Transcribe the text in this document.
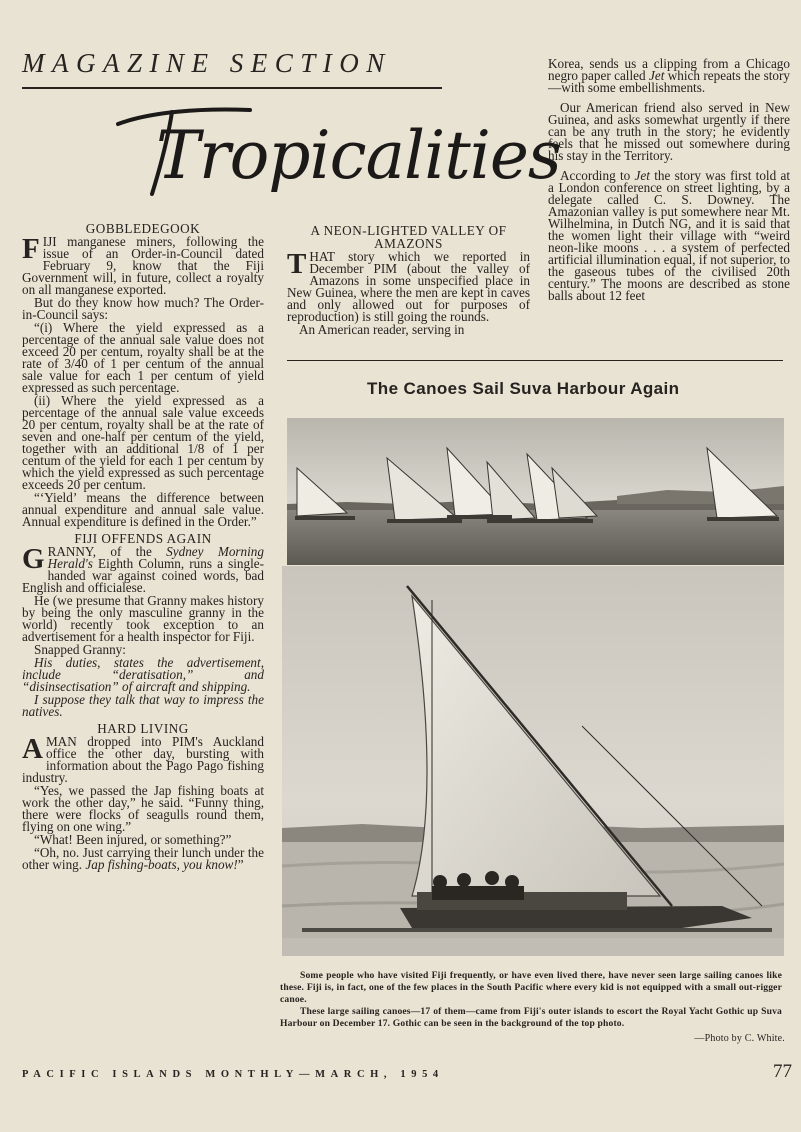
MAGAZINE SECTION
Tropicalities
GOBBLEDEGOOK

FIJI manganese miners, following the issue of an Order-in-Council dated February 9, know that the Fiji Government will, in future, collect a royalty on all manganese exported.

But do they know how much? The Order-in-Council says:

“(i) Where the yield expressed as a percentage of the annual sale value does not exceed 20 per centum, royalty shall be at the rate of 3/40 of 1 per centum of the annual sale value for each 1 per centum of yield expressed as such percentage.

(ii) Where the yield expressed as a percentage of the annual sale value exceeds 20 per centum, royalty shall be at the rate of seven and one-half per centum of the yield, together with an additional 1/8 of 1 per centum of the yield for each 1 per centum by which the yield expressed as such percentage exceeds 20 per centum.

“‘Yield’ means the difference between annual expenditure and annual sale value. Annual expenditure is defined in the Order.”

FIJI OFFENDS AGAIN

GRANNY, of the Sydney Morning Herald's Eighth Column, runs a single-handed war against coined words, bad English and officialese.

He (we presume that Granny makes history by being the only masculine granny in the world) recently took exception to an advertisement for a health inspector for Fiji.

Snapped Granny:

His duties, states the advertisement, include “deratisation,” and “disinsectisation” of aircraft and shipping.

I suppose they talk that way to impress the natives.

HARD LIVING

AMAN dropped into PIM's Auckland office the other day, bursting with information about the Pago Pago fishing industry.

“Yes, we passed the Jap fishing boats at work the other day,” he said. “Funny thing, there were flocks of seagulls round them, flying on one wing.”

“What! Been injured, or something?”

“Oh, no. Just carrying their lunch under the other wing. Jap fishing-boats, you know!”

A NEON-LIGHTED VALLEY OF AMAZONS

THAT story which we reported in December PIM (about the valley of Amazons in some unspecified place in New Guinea, where the men are kept in caves and only allowed out for purposes of reproduction) is still going the rounds.

An American reader, serving in

Korea, sends us a clipping from a Chicago negro paper called Jet which repeats the story—with some embellishments.

Our American friend also served in New Guinea, and asks somewhat urgently if there can be any truth in the story; he evidently feels that he missed out somewhere during his stay in the Territory.

According to Jet the story was first told at a London conference on street lighting, by a delegate called C. S. Downey. The Amazonian valley is put somewhere near Mt. Wilhelmina, in Dutch NG, and it is said that the women light their village with “weird neon-like moons . . . a system of perfected artificial illumination equal, if not superior, to the gaseous tubes of the civilised 20th century.” The moons are described as stone balls about 12 feet

The Canoes Sail Suva Harbour Again

Some people who have visited Fiji frequently, or have even lived there, have never seen large sailing canoes like these. Fiji is, in fact, one of the few places in the South Pacific where every kid is not equipped with a small out-rigger canoe.

These large sailing canoes—17 of them—came from Fiji's outer islands to escort the Royal Yacht Gothic up Suva Harbour on December 17. Gothic can be seen in the background of the top photo.

—Photo by C. White.
PACIFIC ISLANDS MONTHLY—MARCH, 1954	77
